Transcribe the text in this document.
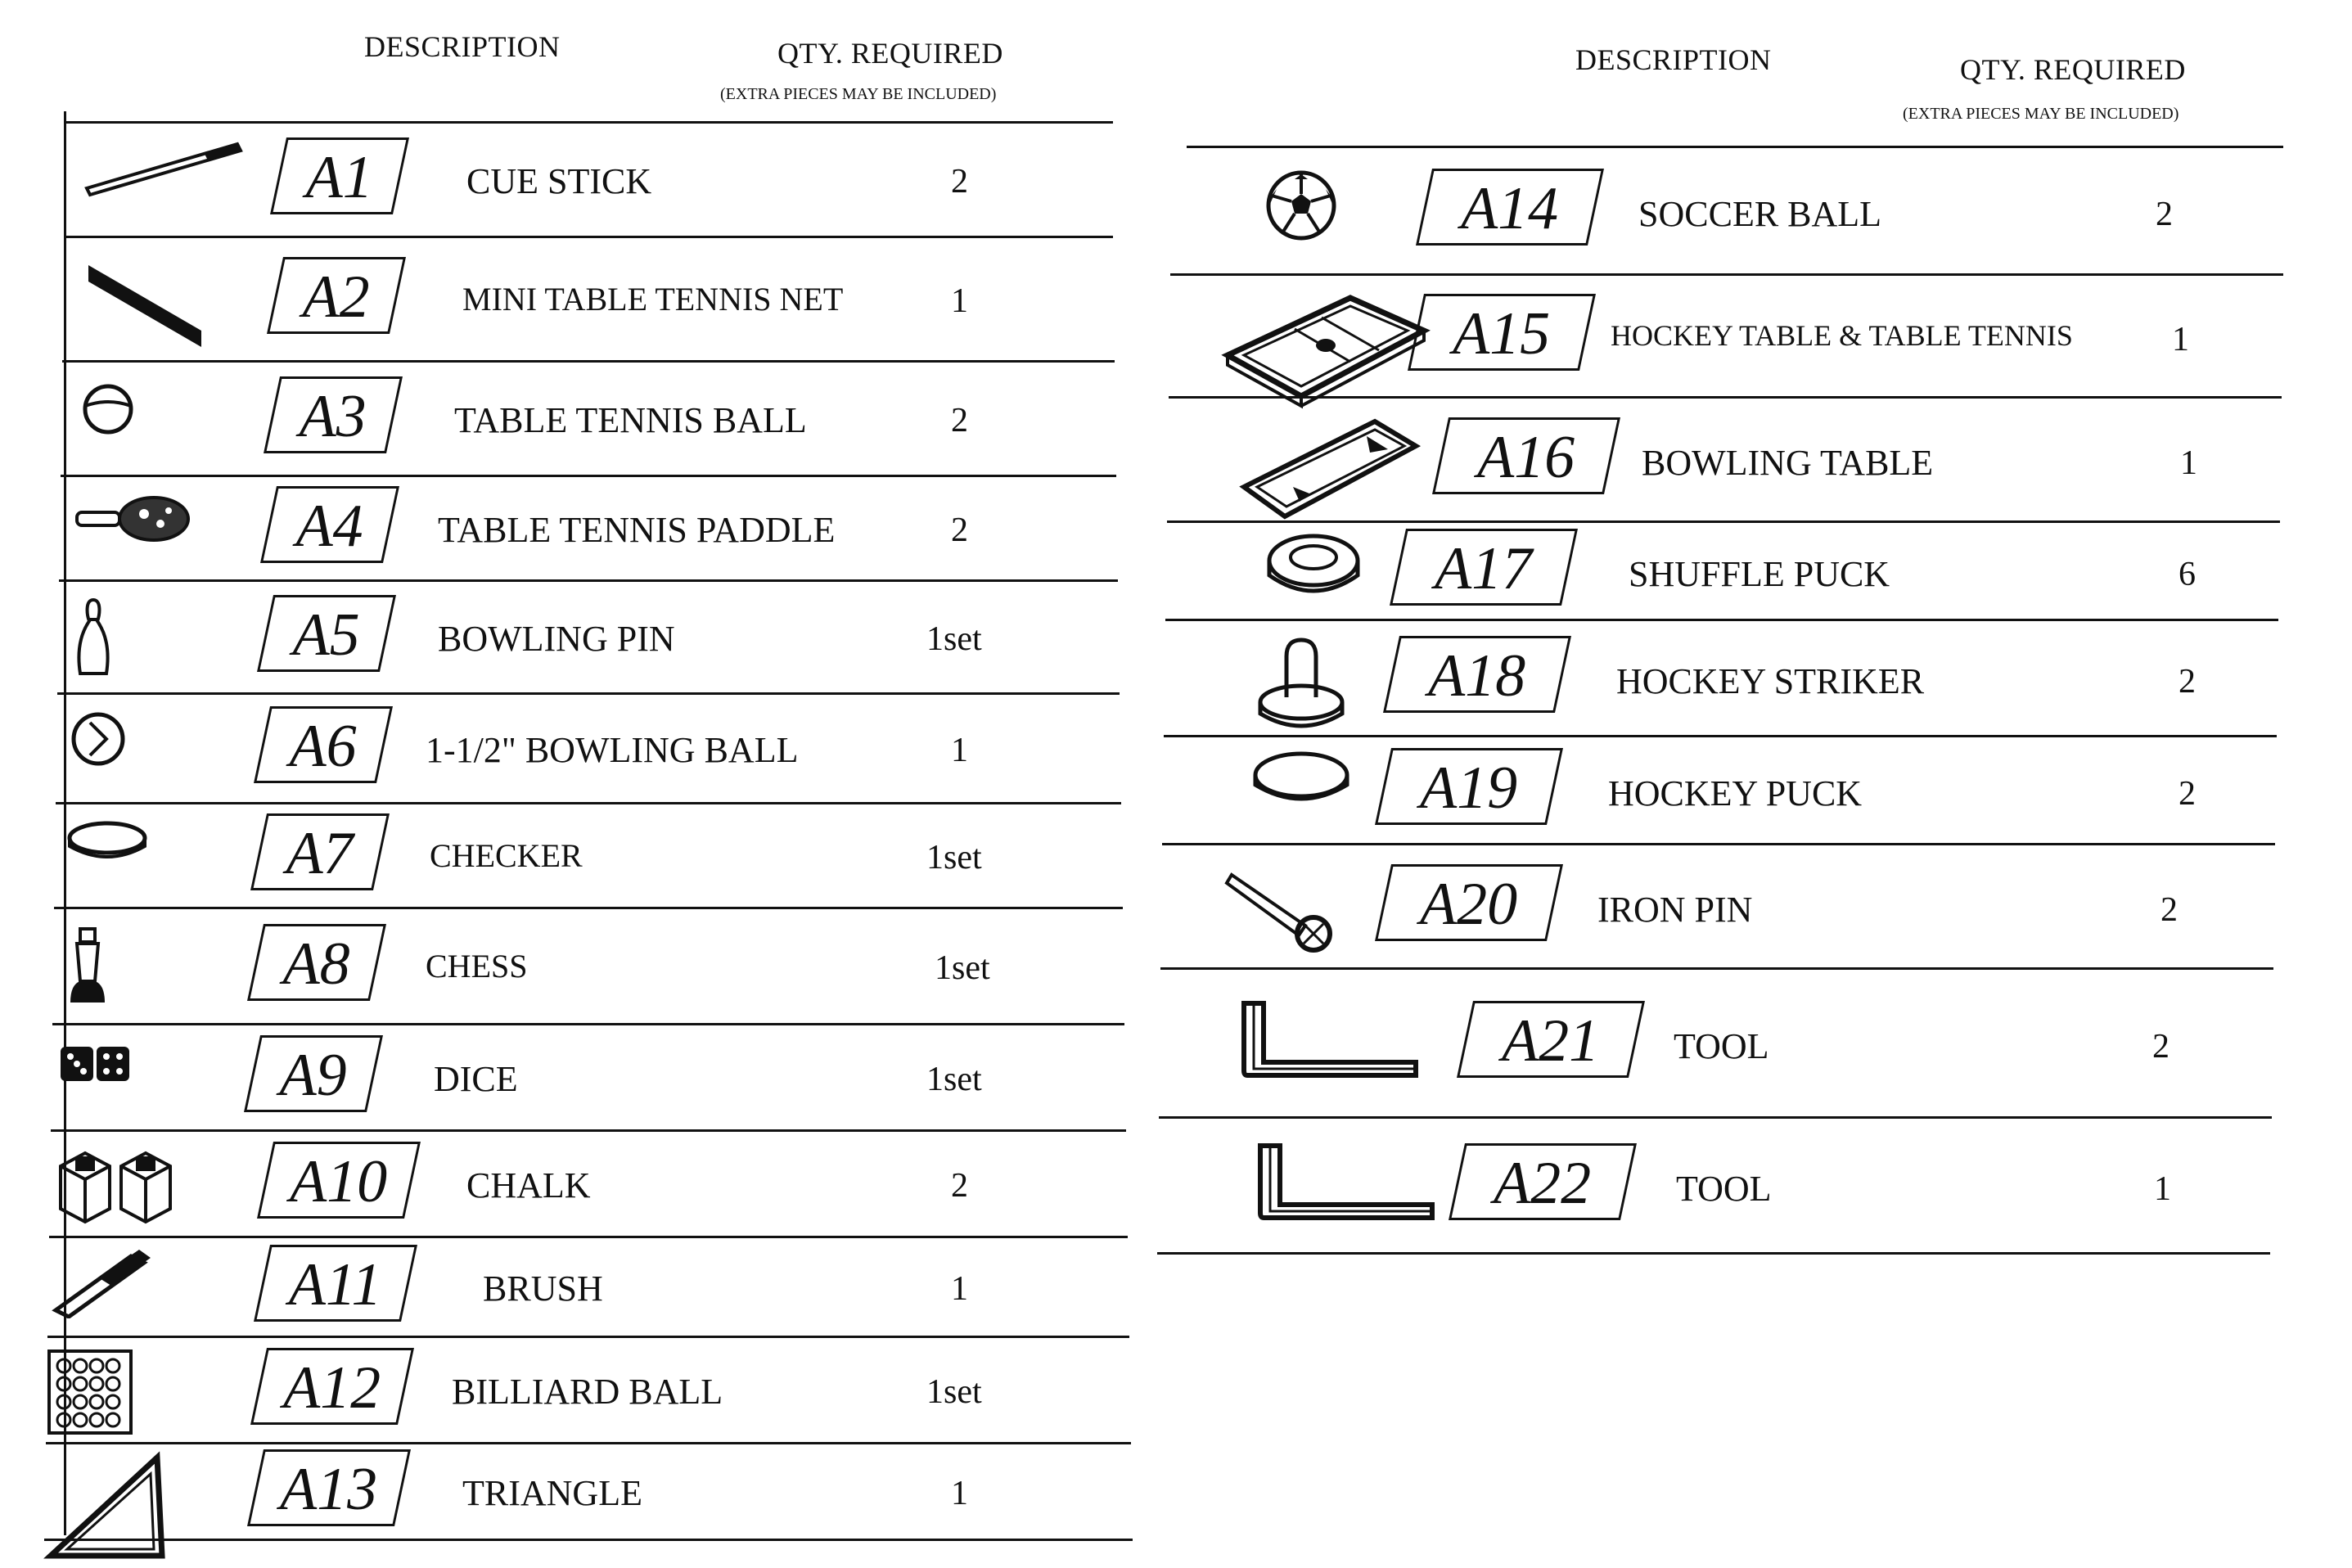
DESCRIPTION	QTY. REQUIRED
(EXTRA PIECES MAY BE INCLUDED)
DESCRIPTION	QTY. REQUIRED
(EXTRA PIECES MAY BE INCLUDED)
A1	CUE STICK	2
A2	MINI TABLE TENNIS NET	1
A3	TABLE TENNIS BALL	2
A4	TABLE TENNIS PADDLE	2
A5	BOWLING PIN	1set
A6	1-1/2" BOWLING BALL	1
A7	CHECKER	1set
A8	CHESS	1set
A9	DICE	1set
A10	CHALK	2
A11	BRUSH	1
A12	BILLIARD BALL	1set
A13	TRIANGLE	1
A14	SOCCER BALL	2
A15	HOCKEY TABLE & TABLE TENNIS	1
A16	BOWLING TABLE	1
A17	SHUFFLE PUCK	6
A18	HOCKEY STRIKER	2
A19	HOCKEY PUCK	2
A20	IRON PIN	2
A21	TOOL	2
A22	TOOL	1
